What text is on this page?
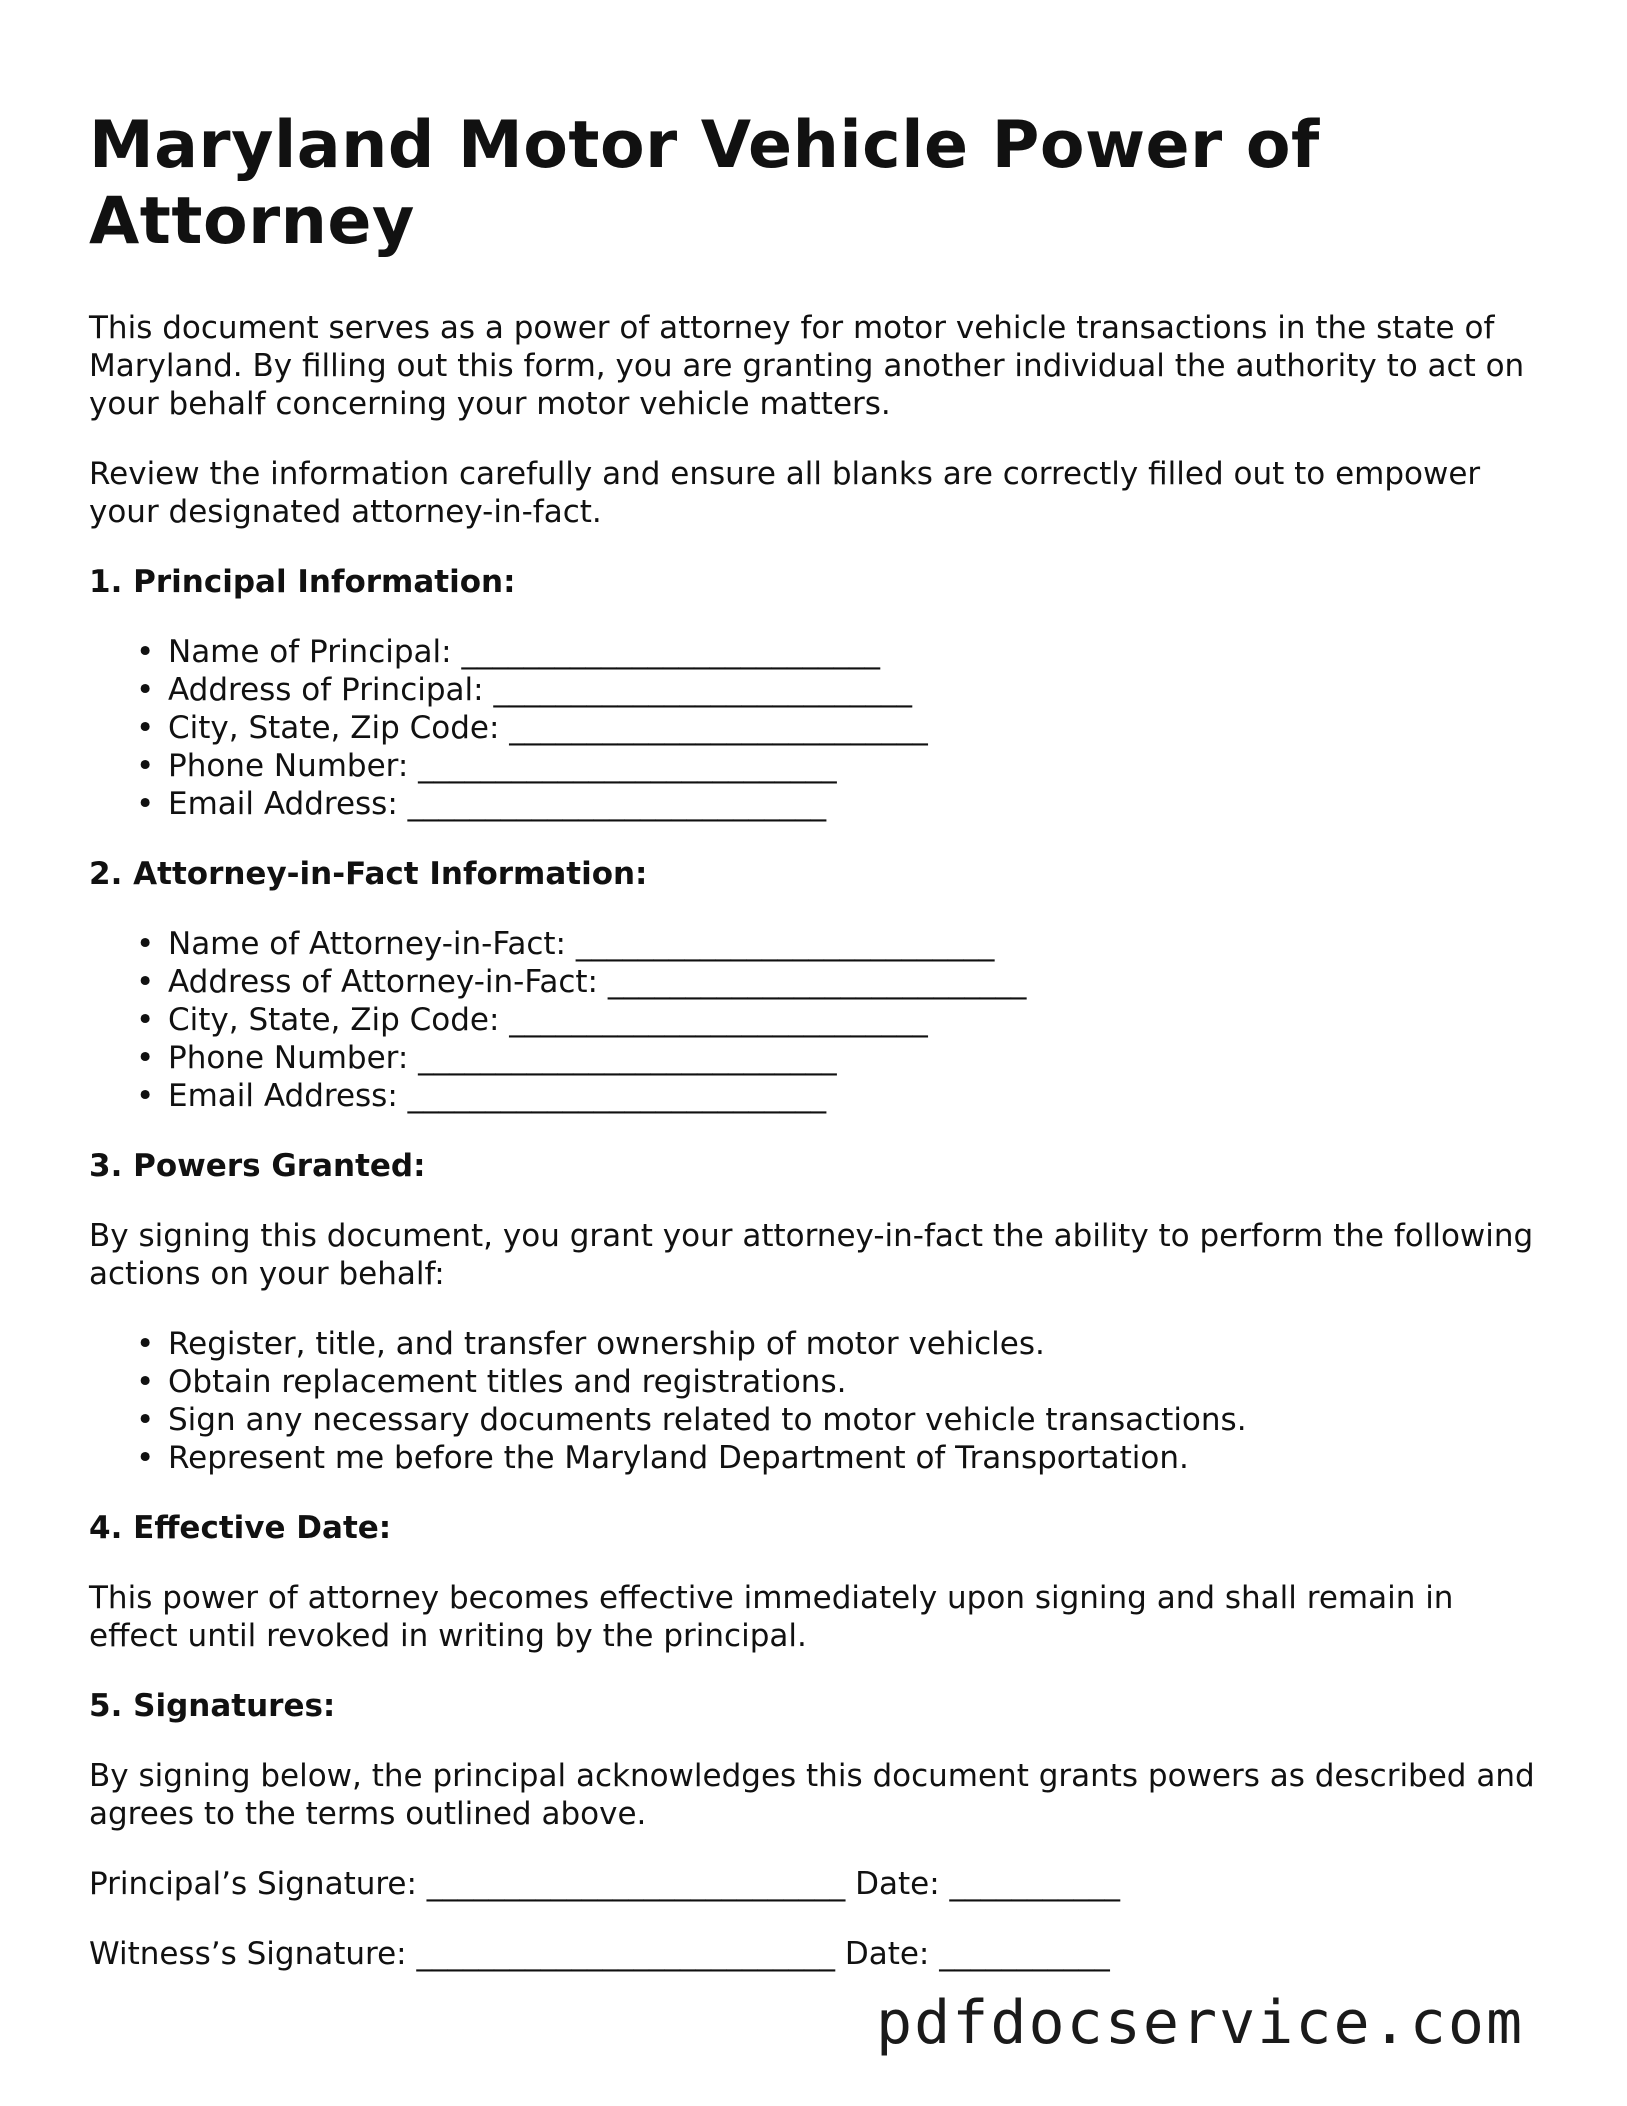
Maryland Motor Vehicle Power of Attorney

This document serves as a power of attorney for motor vehicle transactions in the state of Maryland. By filling out this form, you are granting another individual the authority to act on your behalf concerning your motor vehicle matters.

Review the information carefully and ensure all blanks are correctly filled out to empower your designated attorney-in-fact.

1. Principal Information:
• Name of Principal: ___________________________
• Address of Principal: ___________________________
• City, State, Zip Code: ___________________________
• Phone Number: ___________________________
• Email Address: ___________________________
2. Attorney-in-Fact Information:
• Name of Attorney-in-Fact: ___________________________
• Address of Attorney-in-Fact: ___________________________
• City, State, Zip Code: ___________________________
• Phone Number: ___________________________
• Email Address: ___________________________
3. Powers Granted:

By signing this document, you grant your attorney-in-fact the ability to perform the following actions on your behalf:

• Register, title, and transfer ownership of motor vehicles.
• Obtain replacement titles and registrations.
• Sign any necessary documents related to motor vehicle transactions.
• Represent me before the Maryland Department of Transportation.
4. Effective Date:

This power of attorney becomes effective immediately upon signing and shall remain in effect until revoked in writing by the principal.

5. Signatures:

By signing below, the principal acknowledges this document grants powers as described and agrees to the terms outlined above.

Principal’s Signature: ___________________________ Date: ___________
Witness’s Signature: ___________________________ Date: ___________
pdfdocservice.com
